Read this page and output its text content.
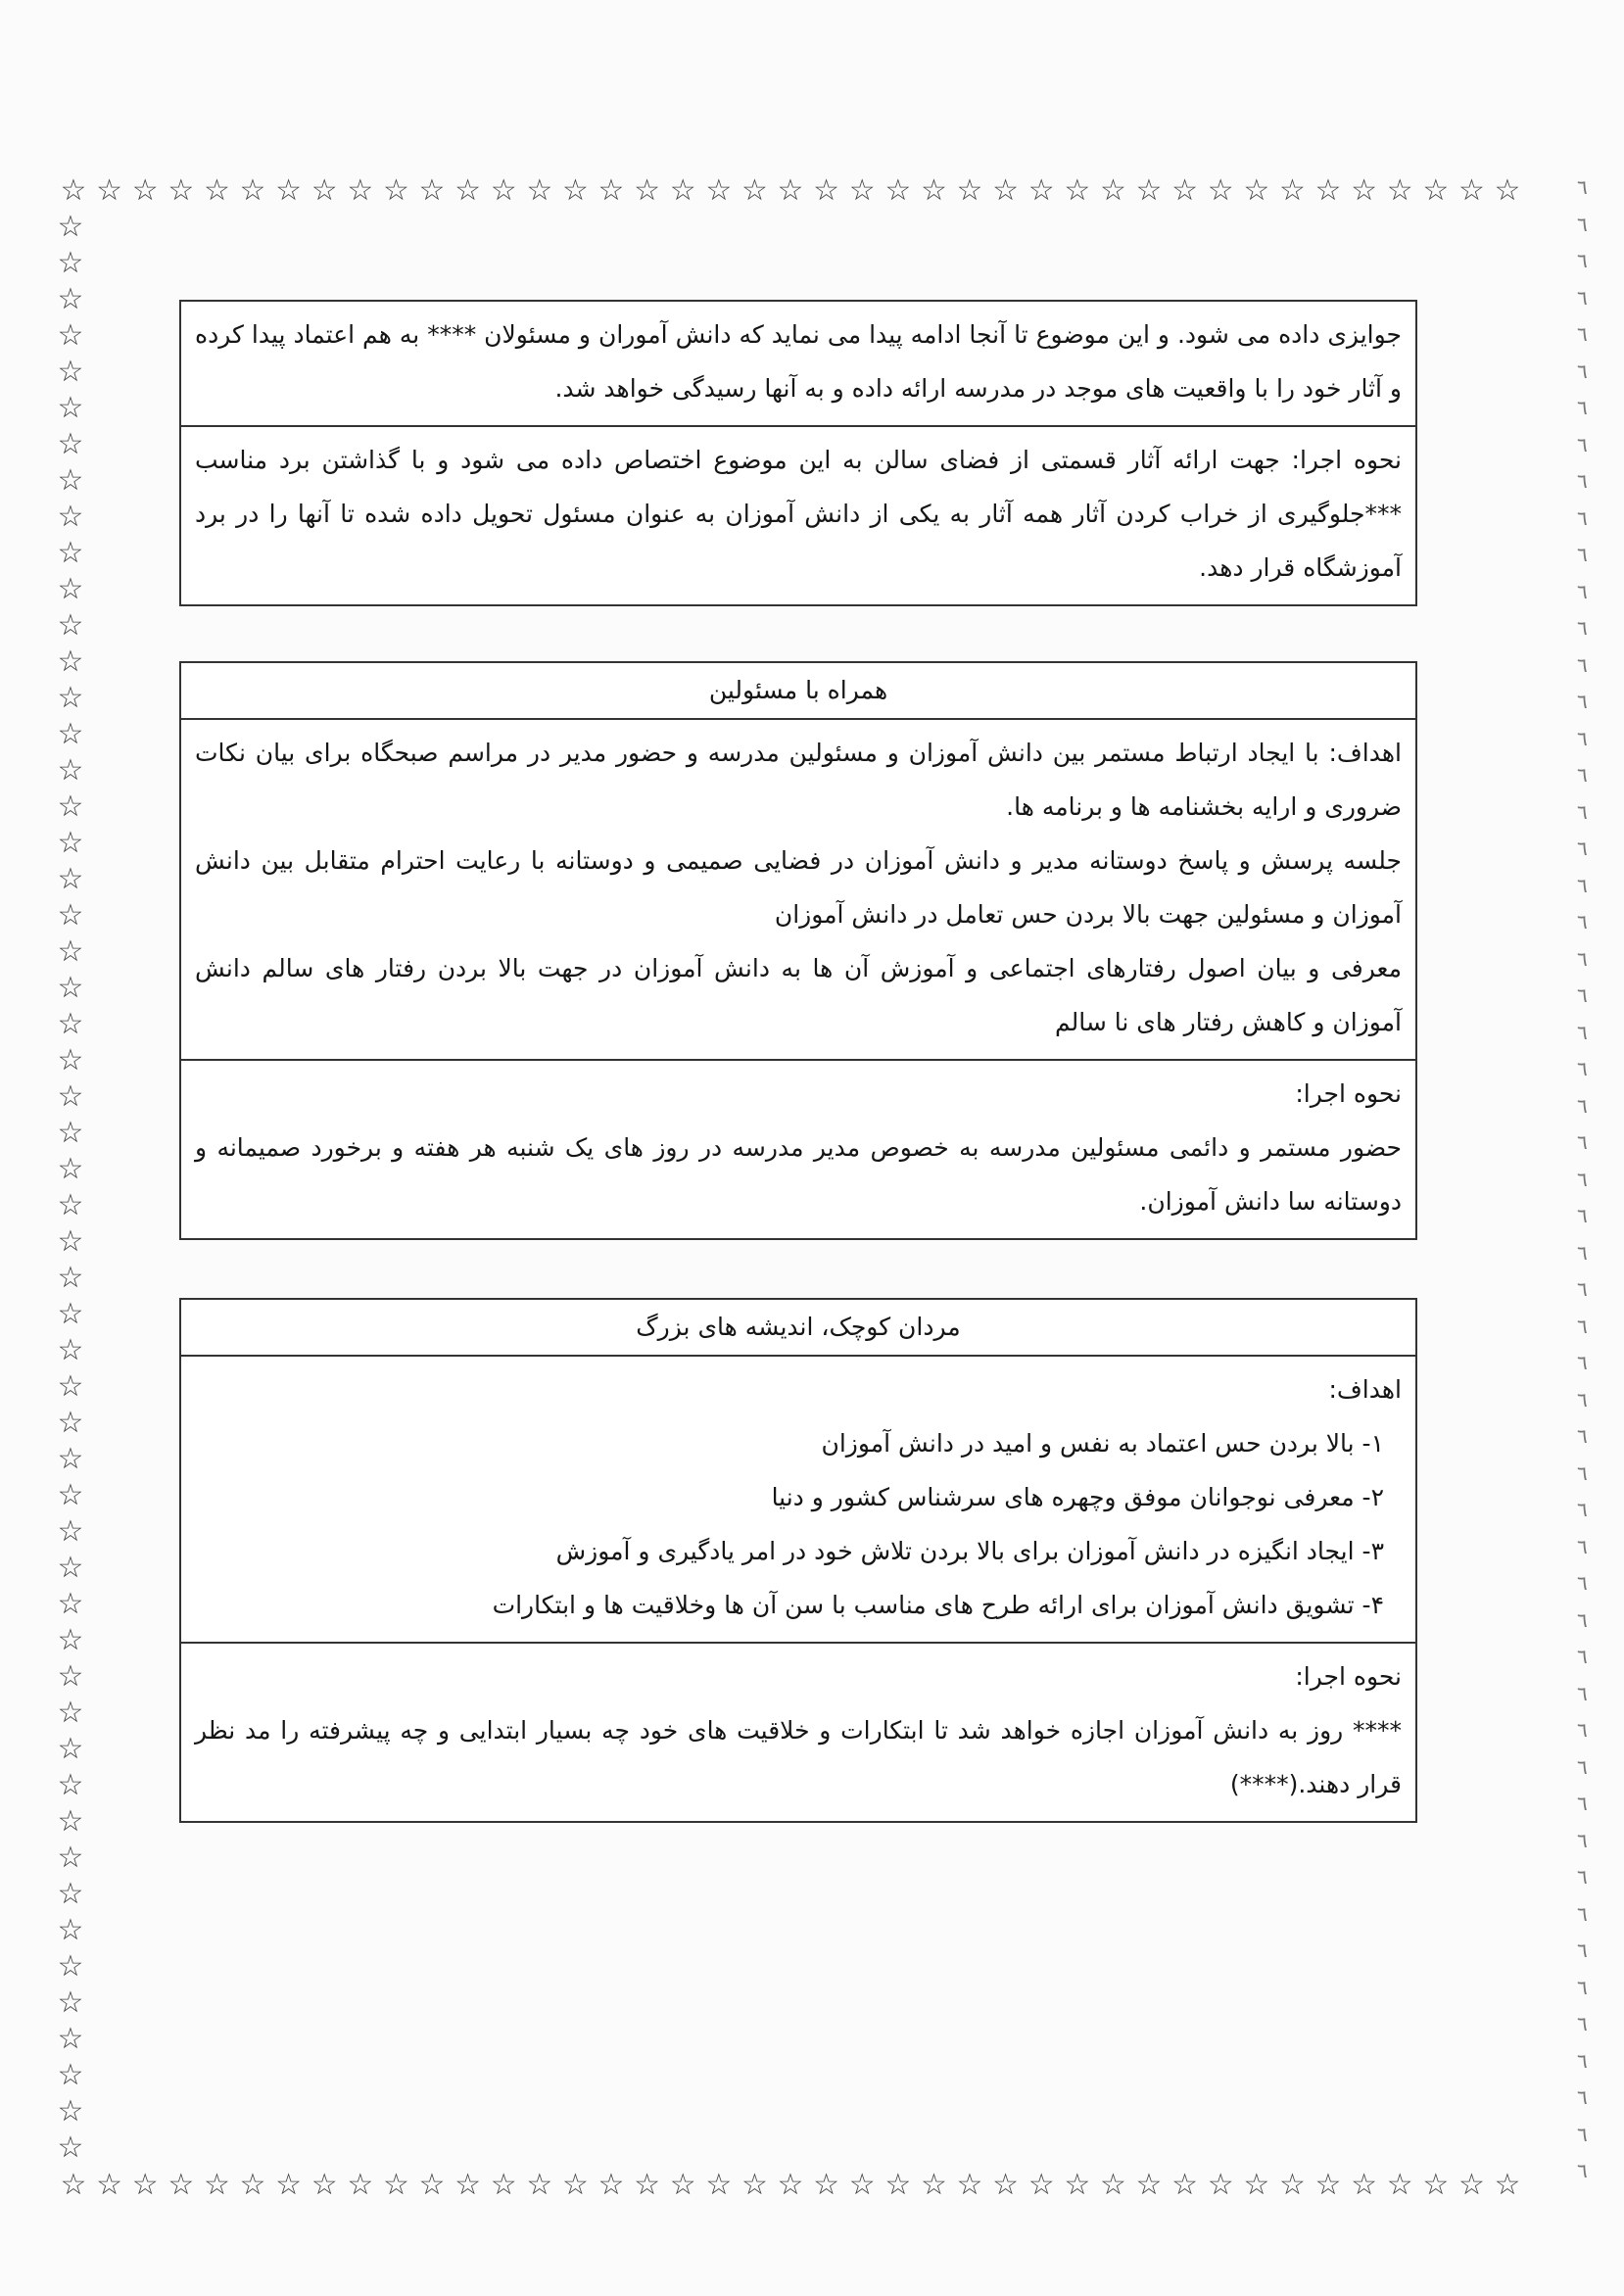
☆
☆
☆
☆
☆
☆
☆
☆
☆
☆
☆
☆
☆
☆
☆
☆
☆
☆
☆
☆
☆
☆
☆
☆
☆
☆
☆
☆
☆
☆
☆
☆
☆
☆
☆
☆
☆
☆
☆
☆
☆
☆
☆
☆
☆
☆
☆
☆
☆
☆
☆
☆
☆
☆
☆
☆
☆
☆
☆
☆
☆
☆
☆
☆
☆
☆
☆
☆
☆
☆
☆
☆
☆
☆
☆
☆
☆
☆
☆
☆
☆
☆
☆
☆
☆
☆
☆
☆
☆
☆
☆
☆
☆
☆
☆
☆
☆
☆
☆
☆
☆
☆
☆
☆
☆
☆
☆
☆
☆
☆
☆
☆
☆
☆
☆
☆
☆
☆
☆
☆
☆
☆
☆
☆
☆
☆
☆
☆
☆
☆
☆
☆
☆
☆
☆
☆
٦
٦
٦
٦
٦
٦
٦
٦
٦
٦
٦
٦
٦
٦
٦
٦
٦
٦
٦
٦
٦
٦
٦
٦
٦
٦
٦
٦
٦
٦
٦
٦
٦
٦
٦
٦
٦
٦
٦
٦
٦
٦
٦
٦
٦
٦
٦
٦
٦
٦
٦
٦
٦
٦
٦

جوایزی داده می شود. و این موضوع تا آنجا ادامه پیدا می نماید که دانش آموران و مسئولان **** به هم اعتماد پیدا کرده و آثار خود را با واقعیت های موجد در مدرسه ارائه داده و به آنها رسیدگی خواهد شد.

نحوه اجرا: جهت ارائه آثار قسمتی از فضای سالن به این موضوع اختصاص داده می شود و با گذاشتن برد مناسب ***جلوگیری از خراب کردن آثار همه آثار به یکی از دانش آموزان به عنوان مسئول تحویل داده شده تا آنها را در برد آموزشگاه قرار دهد.

همراه با مسئولین

اهداف: با ایجاد ارتباط مستمر بین دانش آموزان و مسئولین مدرسه و حضور مدیر در مراسم صبحگاه برای بیان نکات ضروری و ارایه بخشنامه ها و برنامه ها.

جلسه پرسش و پاسخ دوستانه مدیر و دانش آموزان در فضایی صمیمی و دوستانه با رعایت احترام متقابل بین دانش آموزان و مسئولین جهت بالا بردن حس تعامل در دانش آموزان

معرفی و بیان اصول رفتارهای اجتماعی و آموزش آن ها به دانش آموزان در جهت بالا بردن رفتار های سالم دانش آموزان و کاهش رفتار های نا سالم

نحوه اجرا:

حضور مستمر و دائمی مسئولین مدرسه به خصوص مدیر مدرسه در روز های یک شنبه هر هفته و برخورد صمیمانه و دوستانه سا دانش آموزان.

مردان کوچک، اندیشه های بزرگ

اهداف:

۱- بالا بردن حس اعتماد به نفس و امید در دانش آموزان
۲- معرفی نوجوانان موفق وچهره های سرشناس کشور و دنیا
۳- ایجاد انگیزه در دانش آموزان برای بالا بردن تلاش خود در امر یادگیری و آموزش
۴- تشویق دانش آموزان برای ارائه طرح های مناسب با سن آن ها وخلاقیت ها و ابتکارات

نحوه اجرا:

**** روز به دانش آموزان اجازه خواهد شد تا ابتکارات و خلاقیت های خود چه بسیار ابتدایی و چه پیشرفته را مد نظر قرار دهند.(****)
